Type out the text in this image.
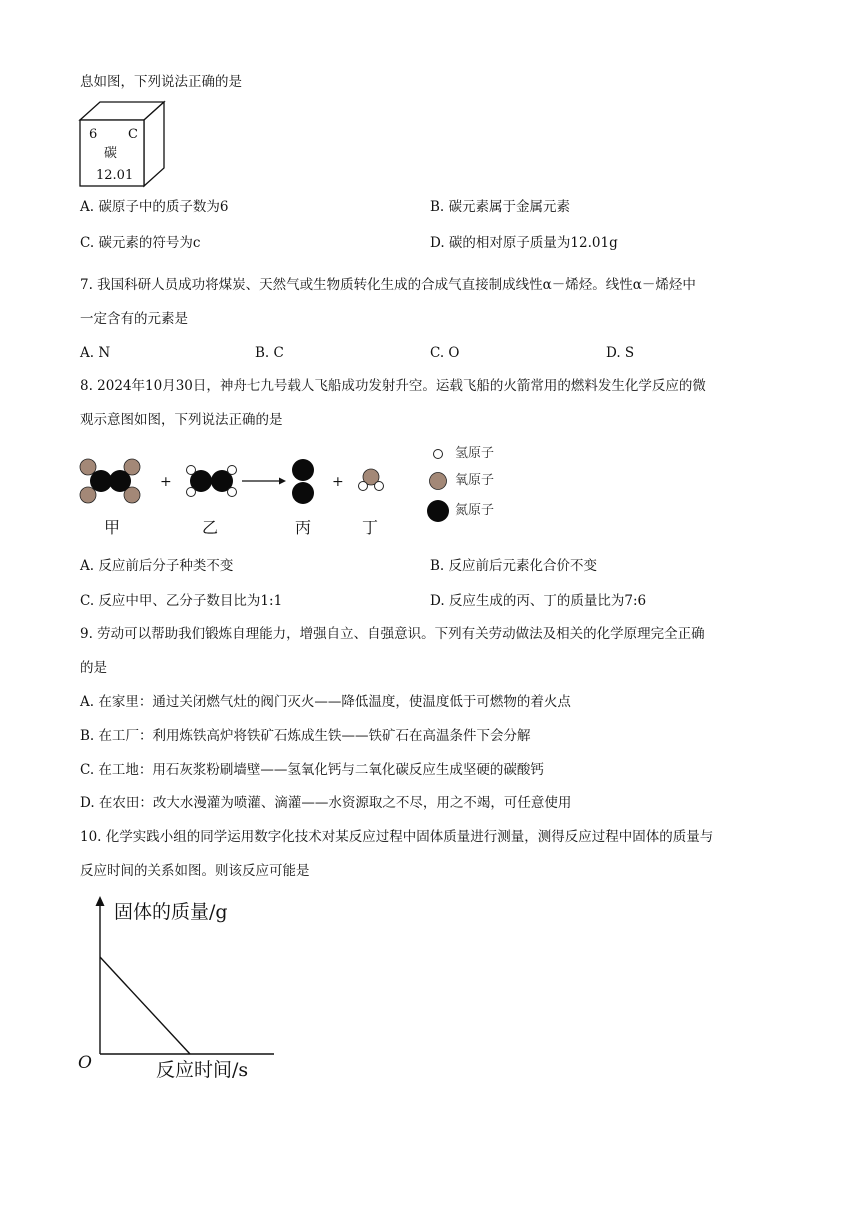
息如图，下列说法正确的是
6 C
碳
12.01
A. 碳原子中的质子数为6	B. 碳元素属于金属元素
C. 碳元素的符号为c	D. 碳的相对原子质量为12.01g
7. 我国科研人员成功将煤炭、天然气或生物质转化生成的合成气直接制成线性α－烯烃。线性α－烯烃中
一定含有的元素是
A. N	B. C	C. O	D. S
8. 2024年10月30日，神舟七九号载人飞船成功发射升空。运载飞船的火箭常用的燃料发生化学反应的微
观示意图如图，下列说法正确的是
+	+
甲	乙	丙	丁
氢原子
氧原子
氮原子
A. 反应前后分子种类不变	B. 反应前后元素化合价不变
C. 反应中甲、乙分子数目比为1:1	D. 反应生成的丙、丁的质量比为7:6
9. 劳动可以帮助我们锻炼自理能力，增强自立、自强意识。下列有关劳动做法及相关的化学原理完全正确
的是
A. 在家里：通过关闭燃气灶的阀门灭火——降低温度，使温度低于可燃物的着火点
B. 在工厂：利用炼铁高炉将铁矿石炼成生铁——铁矿石在高温条件下会分解
C. 在工地：用石灰浆粉刷墙壁——氢氧化钙与二氧化碳反应生成坚硬的碳酸钙
D. 在农田：改大水漫灌为喷灌、滴灌——水资源取之不尽，用之不竭，可任意使用
10. 化学实践小组的同学运用数字化技术对某反应过程中固体质量进行测量，测得反应过程中固体的质量与
反应时间的关系如图。则该反应可能是
固体的质量/g
O	反应时间/s
